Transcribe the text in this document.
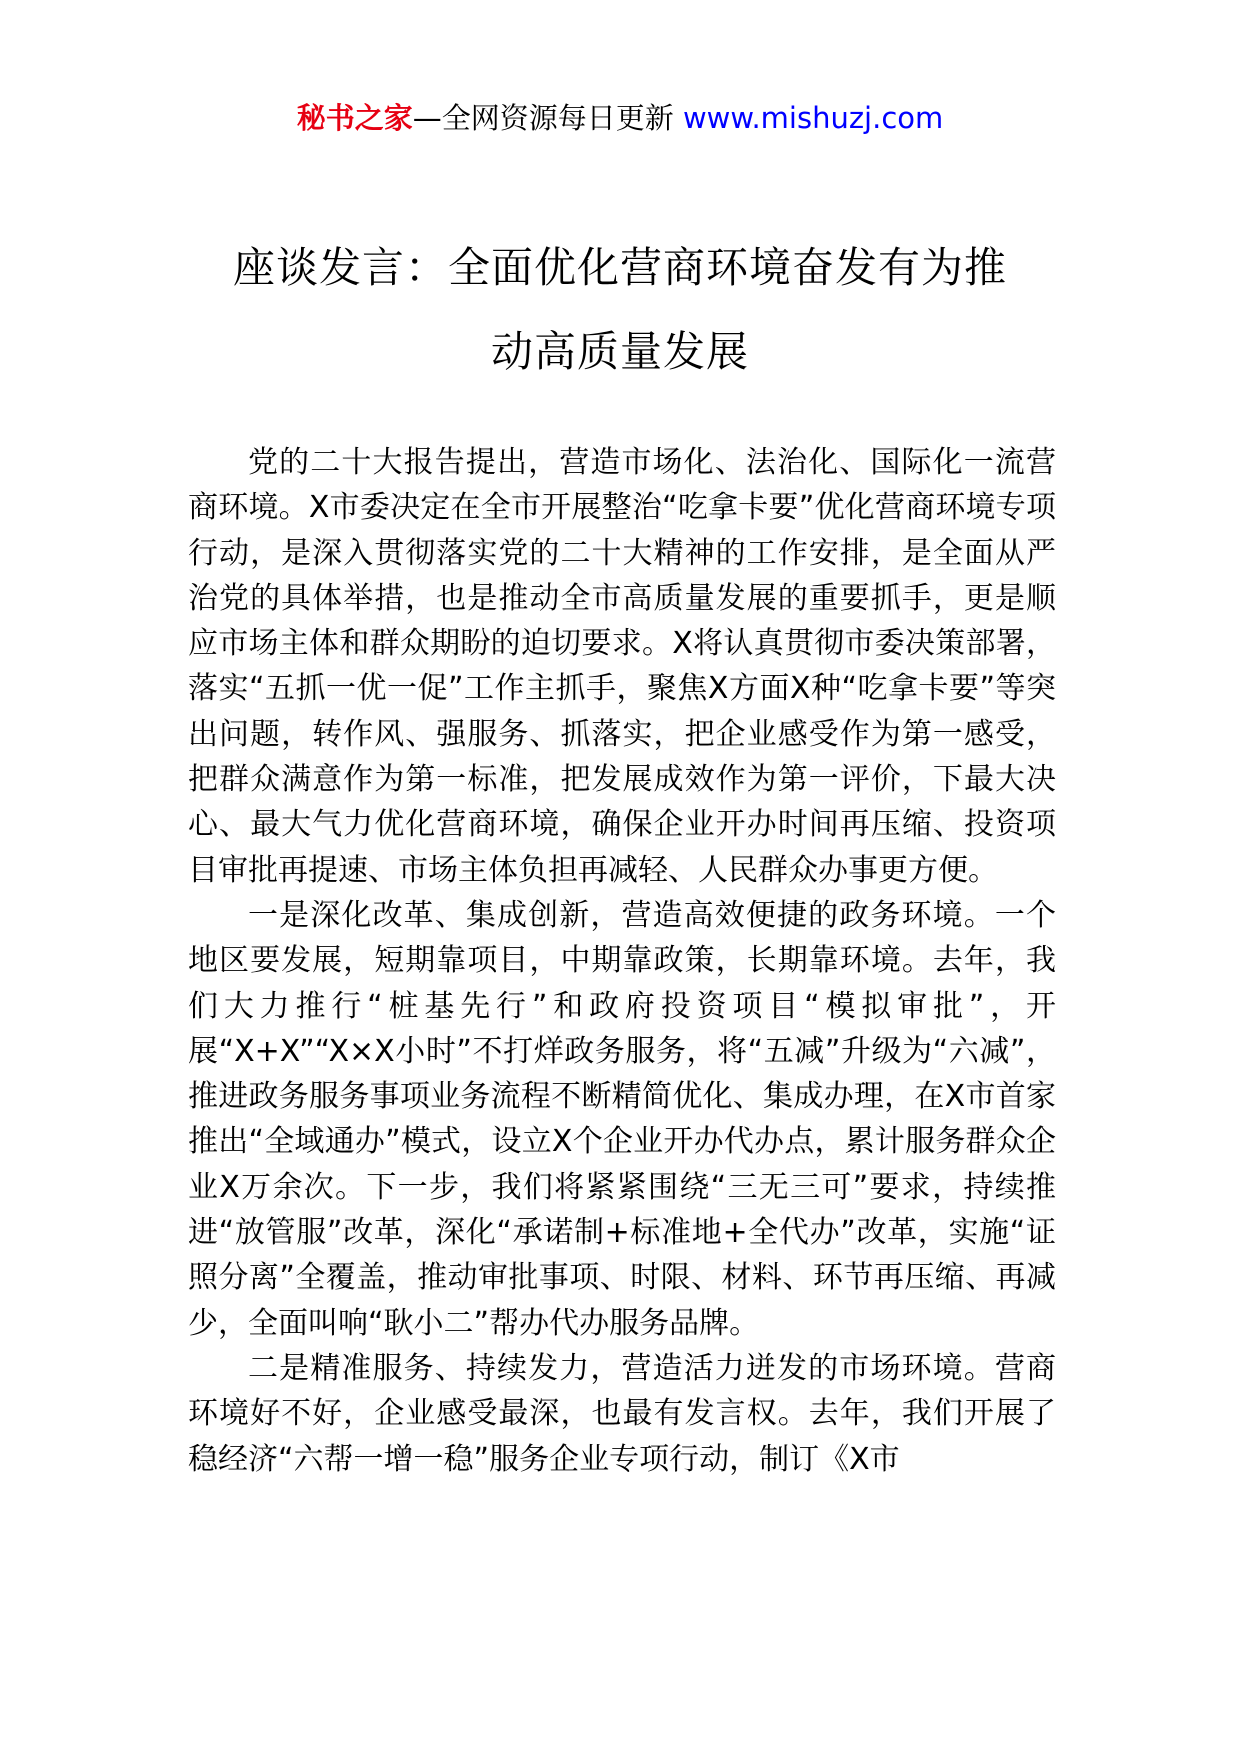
秘书之家—全网资源每日更新 www.mishuzj.com
座谈发言：全面优化营商环境奋发有为推
动高质量发展

党的二十大报告提出，营造市场化、法治化、国际化一流营商环境。X市委决定在全市开展整治“吃拿卡要”优化营商环境专项行动，是深入贯彻落实党的二十大精神的工作安排，是全面从严治党的具体举措，也是推动全市高质量发展的重要抓手，更是顺应市场主体和群众期盼的迫切要求。X将认真贯彻市委决策部署，落实“五抓一优一促”工作主抓手，聚焦X方面X种“吃拿卡要”等突出问题，转作风、强服务、抓落实，把企业感受作为第一感受，把群众满意作为第一标准，把发展成效作为第一评价，下最大决心、最大气力优化营商环境，确保企业开办时间再压缩、投资项目审批再提速、市场主体负担再减轻、人民群众办事更方便。

一是深化改革、集成创新，营造高效便捷的政务环境。一个地区要发展，短期靠项目，中期靠政策，长期靠环境。去年，我们大力推行“桩基先行”和政府投资项目“模拟审批”，开展“X+X”“X×X小时”不打烊政务服务，将“五减”升级为“六减”，推进政务服务事项业务流程不断精简优化、集成办理，在X市首家推出“全域通办”模式，设立X个企业开办代办点，累计服务群众企业X万余次。下一步，我们将紧紧围绕“三无三可”要求，持续推进“放管服”改革，深化“承诺制+标准地+全代办”改革，实施“证照分离”全覆盖，推动审批事项、时限、材料、环节再压缩、再减少，全面叫响“耿小二”帮办代办服务品牌。

二是精准服务、持续发力，营造活力迸发的市场环境。营商环境好不好，企业感受最深，也最有发言权。去年，我们开展了稳经济“六帮一增一稳”服务企业专项行动，制订《X市
